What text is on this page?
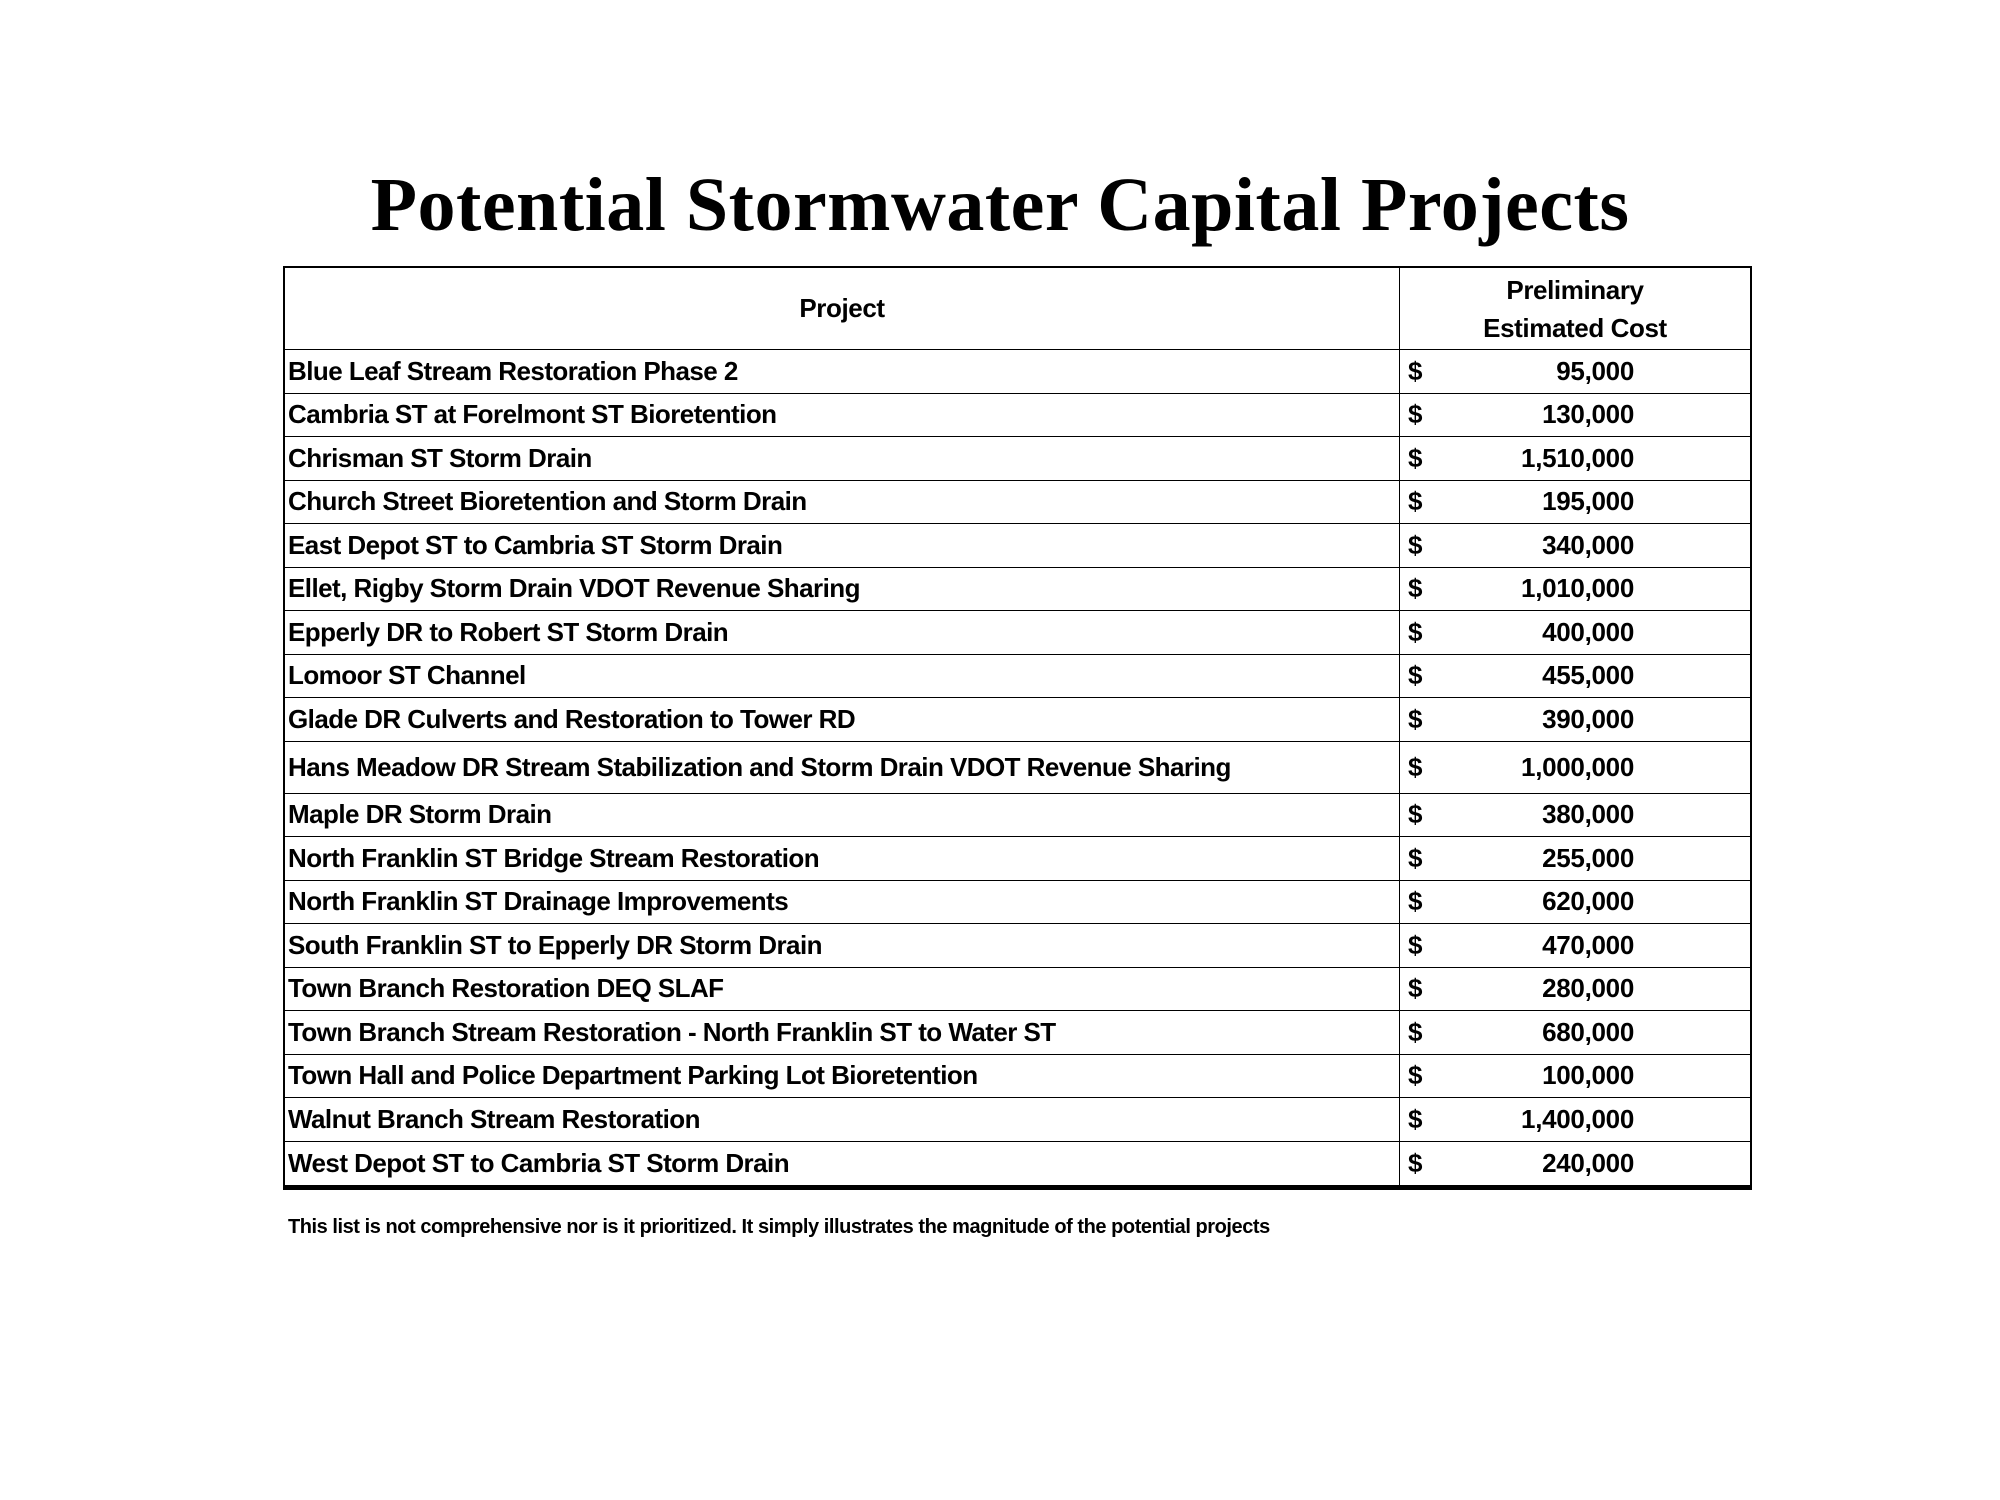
Potential Stormwater Capital Projects
Project
Preliminary
Estimated Cost
Blue Leaf Stream Restoration Phase 2	$	95,000
Cambria ST at Forelmont ST Bioretention	$	130,000
Chrisman ST Storm Drain	$	1,510,000
Church Street Bioretention and Storm Drain	$	195,000
East Depot ST to Cambria ST Storm Drain	$	340,000
Ellet, Rigby Storm Drain VDOT Revenue Sharing	$	1,010,000
Epperly DR to Robert ST Storm Drain	$	400,000
Lomoor ST Channel	$	455,000
Glade DR Culverts and Restoration to Tower RD	$	390,000
Hans Meadow DR Stream Stabilization and Storm Drain VDOT Revenue Sharing	$	1,000,000
Maple DR Storm Drain	$	380,000
North Franklin ST Bridge Stream Restoration	$	255,000
North Franklin ST Drainage Improvements	$	620,000
South Franklin ST to Epperly DR Storm Drain	$	470,000
Town Branch Restoration DEQ SLAF	$	280,000
Town Branch Stream Restoration - North Franklin ST to Water ST	$	680,000
Town Hall and Police Department Parking Lot Bioretention	$	100,000
Walnut Branch Stream Restoration	$	1,400,000
West Depot ST to Cambria ST Storm Drain	$	240,000
This list is not comprehensive nor is it prioritized. It simply illustrates the magnitude of the potential projects
